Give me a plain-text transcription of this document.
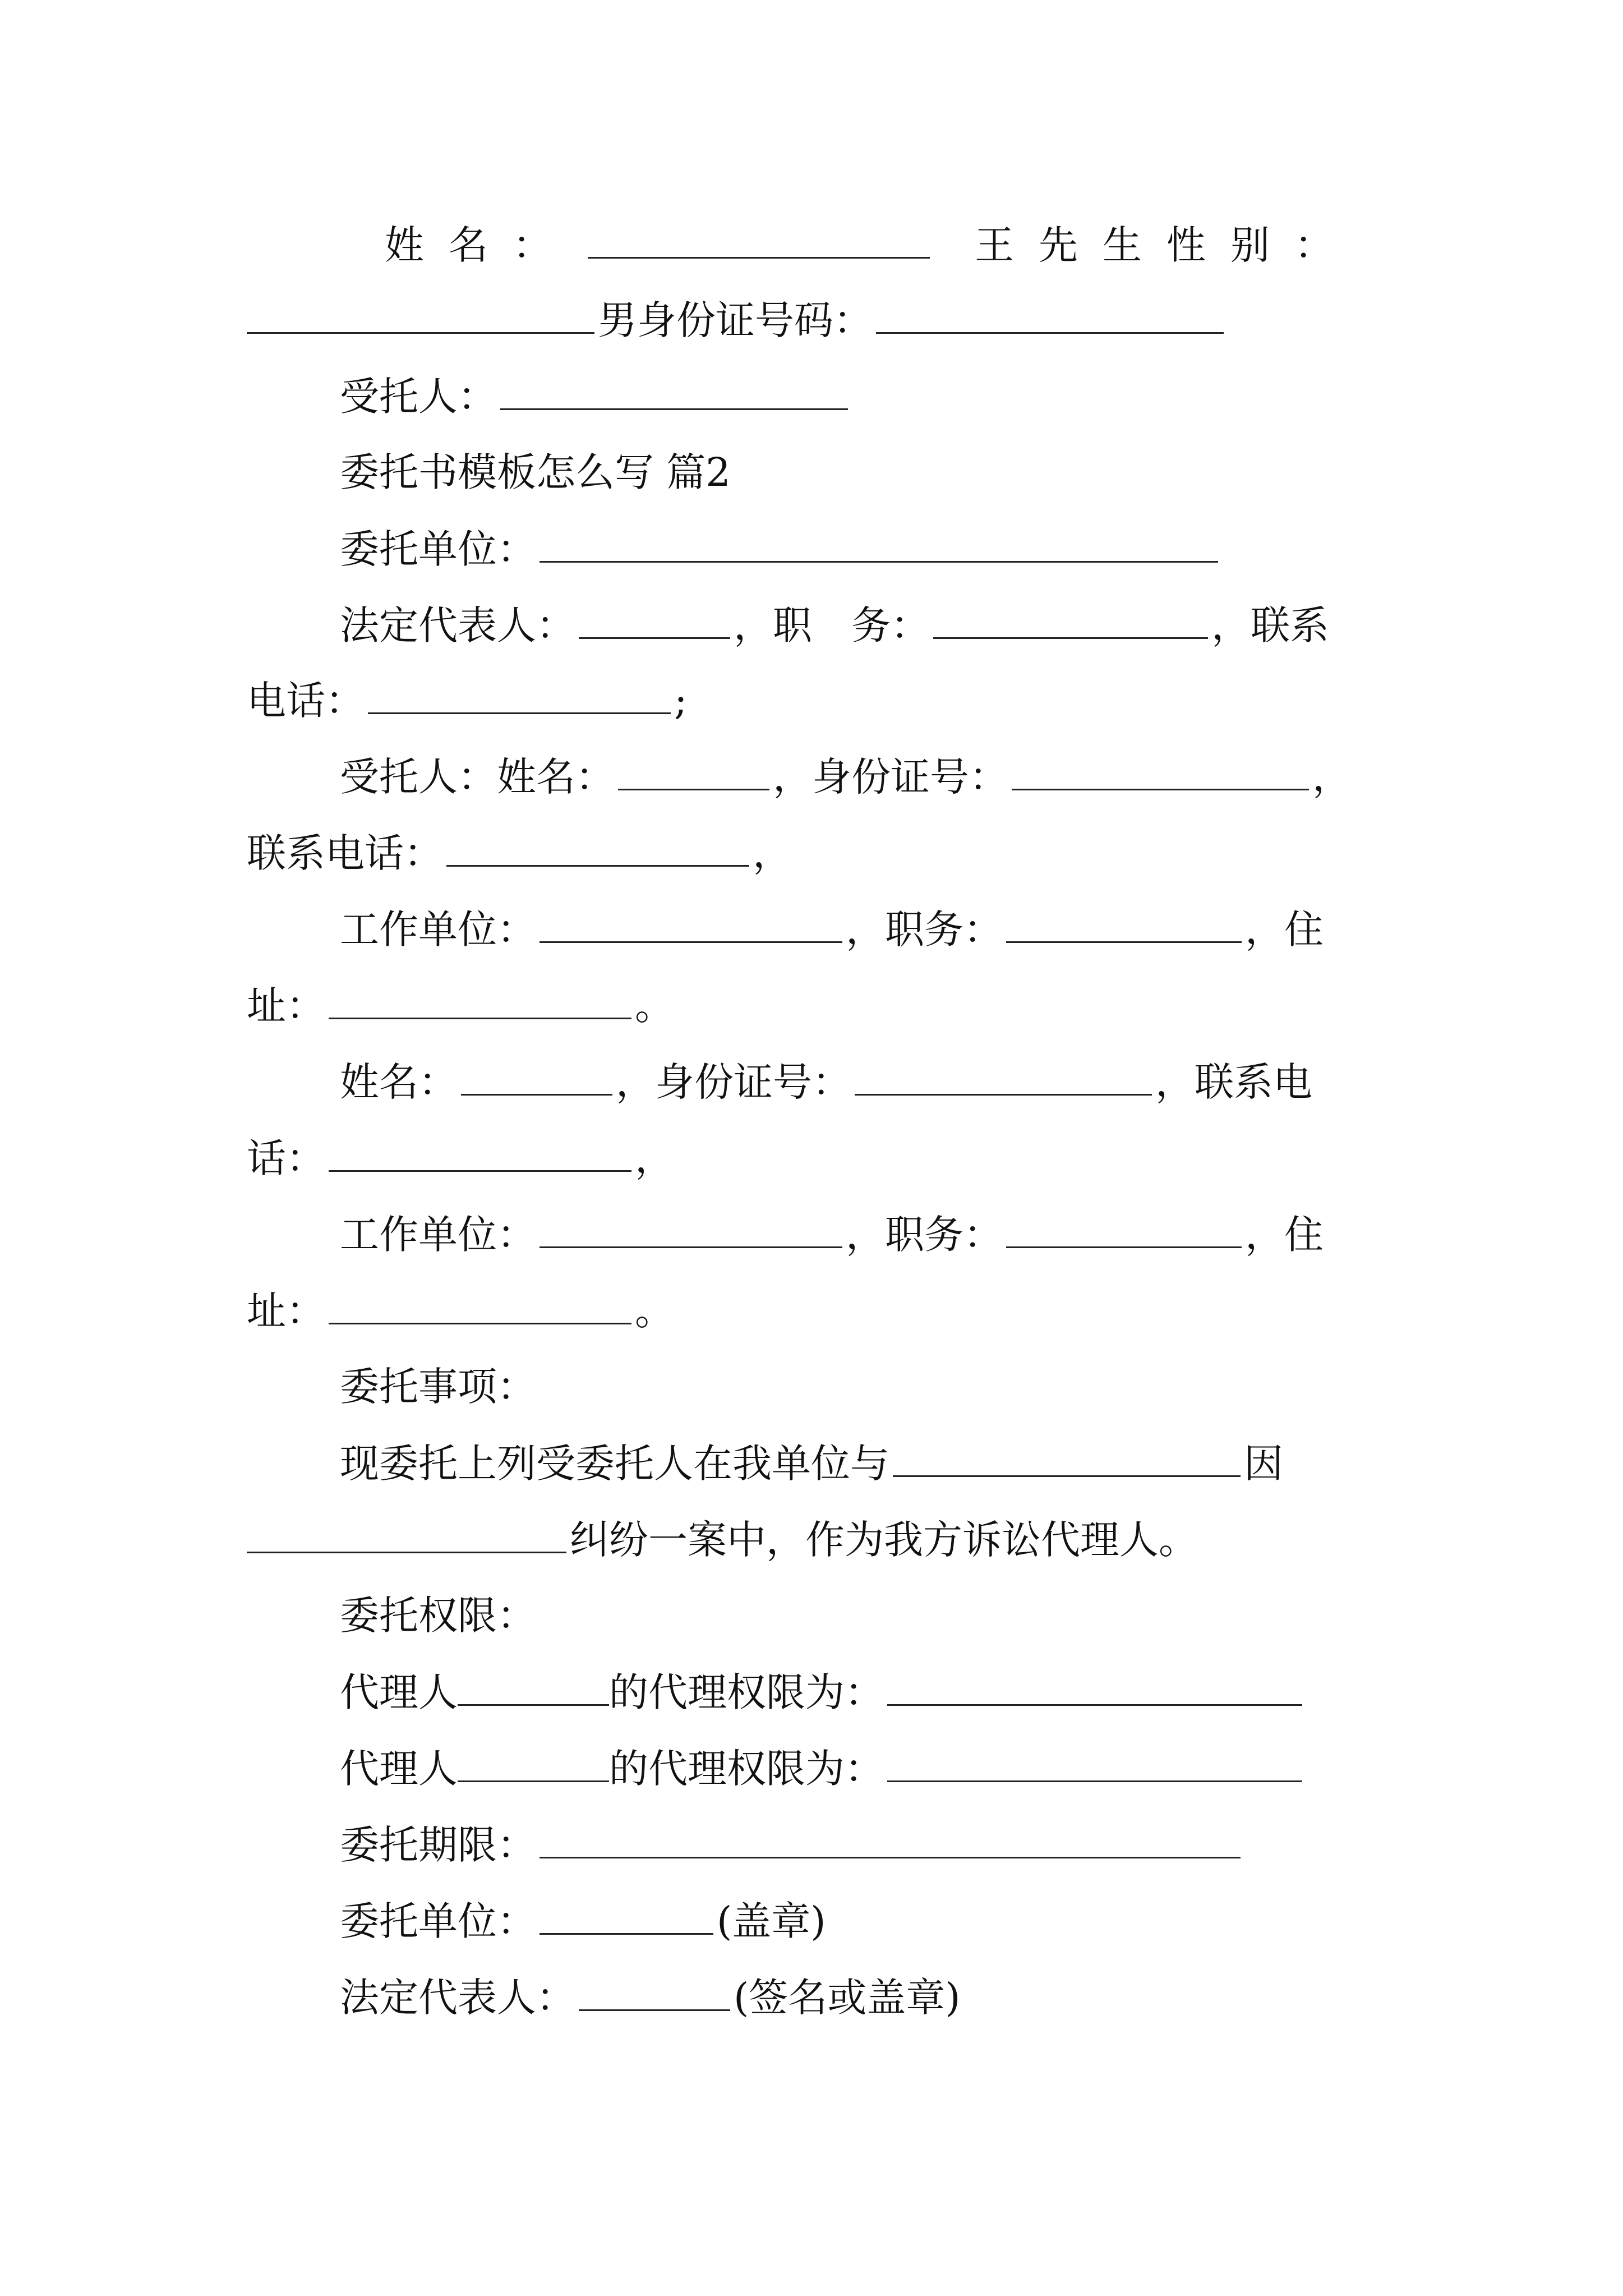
姓名：	王先生性别：
男身份证号码：
受托人：
委托书模板怎么写 篇2
委托单位：
法定代表人：	，职　务：	，联系
电话：	;
受托人：姓名：	，身份证号：	，
联系电话：	，
工作单位：	，职务：	，住
址：	。
姓名：	，身份证号：	，联系电
话：	，
工作单位：	，职务：	，住
址：	。
委托事项：
现委托上列受委托人在我单位与	因
纠纷一案中，作为我方诉讼代理人。
委托权限：
代理人	的代理权限为：
代理人	的代理权限为：
委托期限：
委托单位：	(盖章)
法定代表人：	(签名或盖章)
